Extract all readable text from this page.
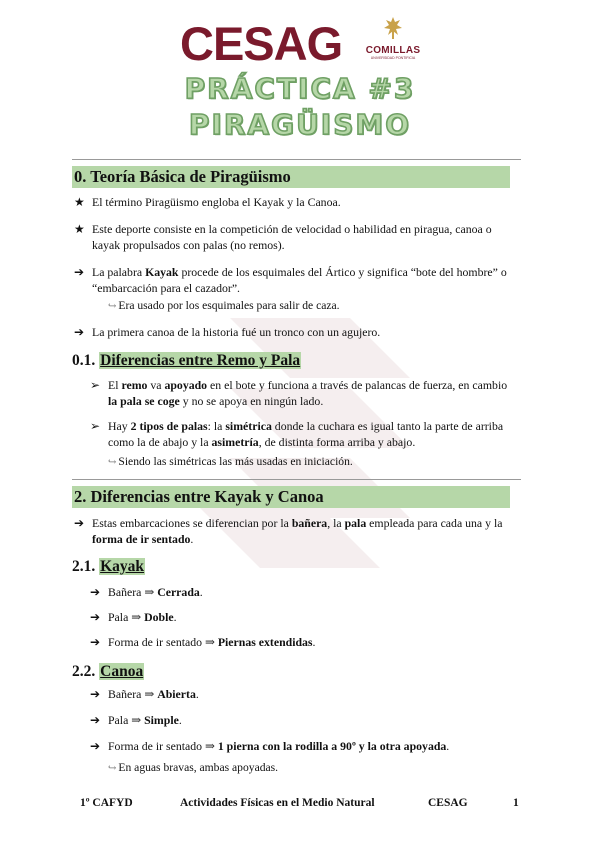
CESAG	COMILLAS
UNIVERSIDAD PONTIFICIA
PRÁCTICA #3
PIRAGÜISMO
0. Teoría Básica de Piragüismo
★ El término Piragüismo engloba el Kayak y la Canoa.
★ Este deporte consiste en la competición de velocidad o habilidad en piragua, canoa o
kayak propulsados con palas (no remos).
➔ La palabra Kayak procede de los esquimales del Ártico y significa “bote del hombre” o
“embarcación para el cazador”.
↪ Era usado por los esquimales para salir de caza.
➔ La primera canoa de la historia fué un tronco con un agujero.
0.1. Diferencias entre Remo y Pala
➢ El remo va apoyado en el bote y funciona a través de palancas de fuerza, en cambio
la pala se coge y no se apoya en ningún lado.
➢ Hay 2 tipos de palas: la simétrica donde la cuchara es igual tanto la parte de arriba
como la de abajo y la asimetría, de distinta forma arriba y abajo.
↪ Siendo las simétricas las más usadas en iniciación.
2. Diferencias entre Kayak y Canoa
➔ Estas embarcaciones se diferencian por la bañera, la pala empleada para cada una y la
forma de ir sentado.
2.1. Kayak
➔ Bañera ⇒ Cerrada.
➔ Pala ⇒ Doble.
➔ Forma de ir sentado ⇒ Piernas extendidas.
2.2. Canoa
➔ Bañera ⇒ Abierta.
➔ Pala ⇒ Simple.
➔ Forma de ir sentado ⇒ 1 pierna con la rodilla a 90º y la otra apoyada.
↪ En aguas bravas, ambas apoyadas.
1º CAFYD	Actividades Físicas en el Medio Natural	CESAG	1
